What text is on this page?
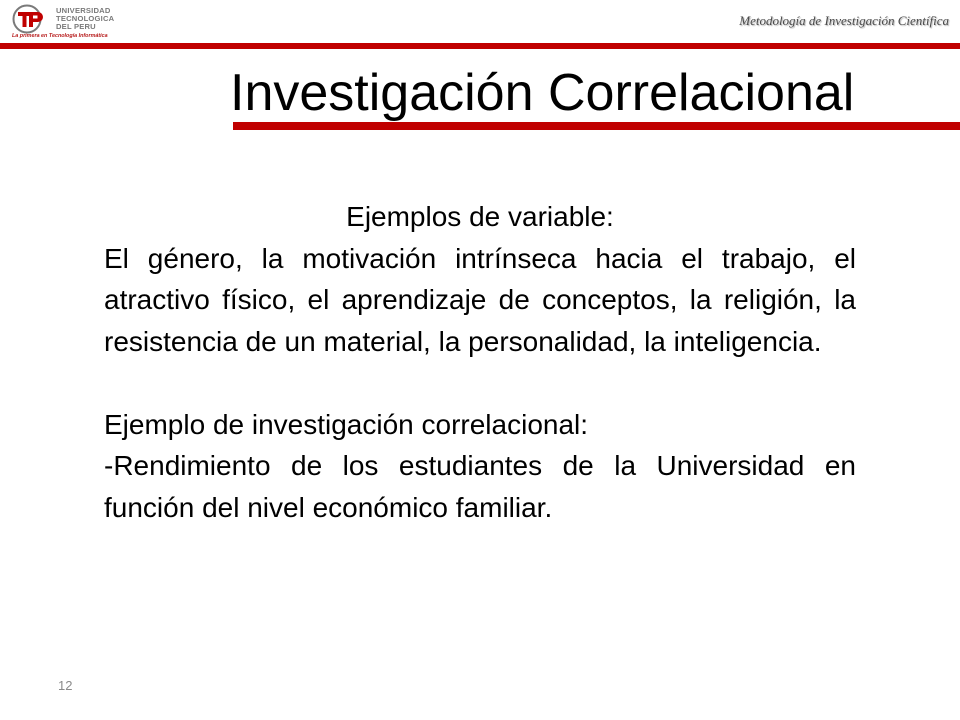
UNIVERSIDAD
TECNOLOGICA
DEL PERU
La primera en Tecnología Informática
Metodología de Investigación Científica
Investigación Correlacional

Ejemplos de variable:

El género, la motivación intrínseca hacia el trabajo, el atractivo físico, el aprendizaje de conceptos, la religión, la resistencia de un material, la personalidad, la inteligencia.

Ejemplo de investigación correlacional:

-Rendimiento de los estudiantes de la Universidad en función del nivel económico familiar.

12
